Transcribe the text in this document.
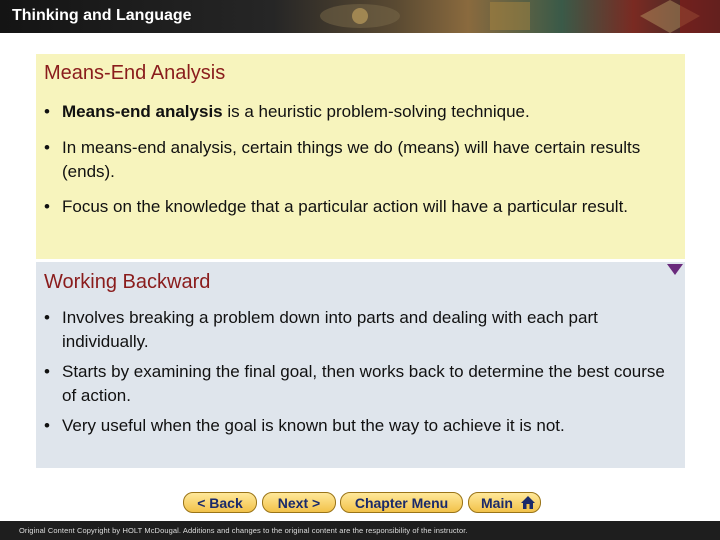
Thinking and Language
Means-End Analysis
• Means-end analysis is a heuristic problem-solving technique.
• In means-end analysis, certain things we do (means) will have certain results (ends).
• Focus on the knowledge that a particular action will have a particular result.
Working Backward
• Involves breaking a problem down into parts and dealing with each part individually.
• Starts by examining the final goal, then works back to determine the best course of action.
• Very useful when the goal is known but the way to achieve it is not.
< Back	Next >	Chapter Menu	Main
Original Content Copyright by HOLT McDougal. Additions and changes to the original content are the responsibility of the instructor.
